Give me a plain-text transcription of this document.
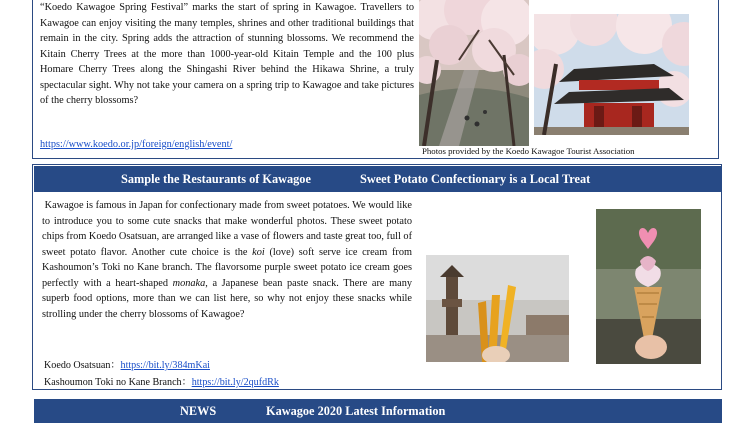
“Koedo Kawagoe Spring Festival” marks the start of spring in Kawagoe. Travellers to Kawagoe can enjoy visiting the many temples, shrines and other traditional buildings that remain in the city. Spring adds the attraction of stunning blossoms. We recommend the Kitain Cherry Trees at the more than 1000-year-old Kitain Temple and the 100 plus Homare Cherry Trees along the Shingashi River behind the Hikawa Shrine, a truly spectacular sight. Why not take your camera on a spring trip to Kawagoe and take pictures of the cherry blossoms?

https://www.koedo.or.jp/foreign/english/event/
Photos provided by the Koedo Kawagoe Tourist Association
Sample the Restaurants of Kawagoe	Sweet Potato Confectionary is a Local Treat

Kawagoe is famous in Japan for confectionary made from sweet potatoes. We would like to introduce you to some cute snacks that make wonderful photos. These sweet potato chips from Koedo Osatsuan, are arranged like a vase of flowers and taste great too, full of sweet potato flavor. Another cute choice is the koi (love) soft serve ice cream from Kashoumon’s Toki no Kane branch. The flavorsome purple sweet potato ice cream goes perfectly with a heart-shaped monaka, a Japanese bean paste snack. There are many superb food options, more than we can list here, so why not enjoy these snacks while strolling under the cherry blossoms of Kawagoe?

Koedo Osatsuan：https://bit.ly/384mKai
Kashoumon Toki no Kane Branch：https://bit.ly/2qufdRk
NEWS	Kawagoe 2020 Latest Information
